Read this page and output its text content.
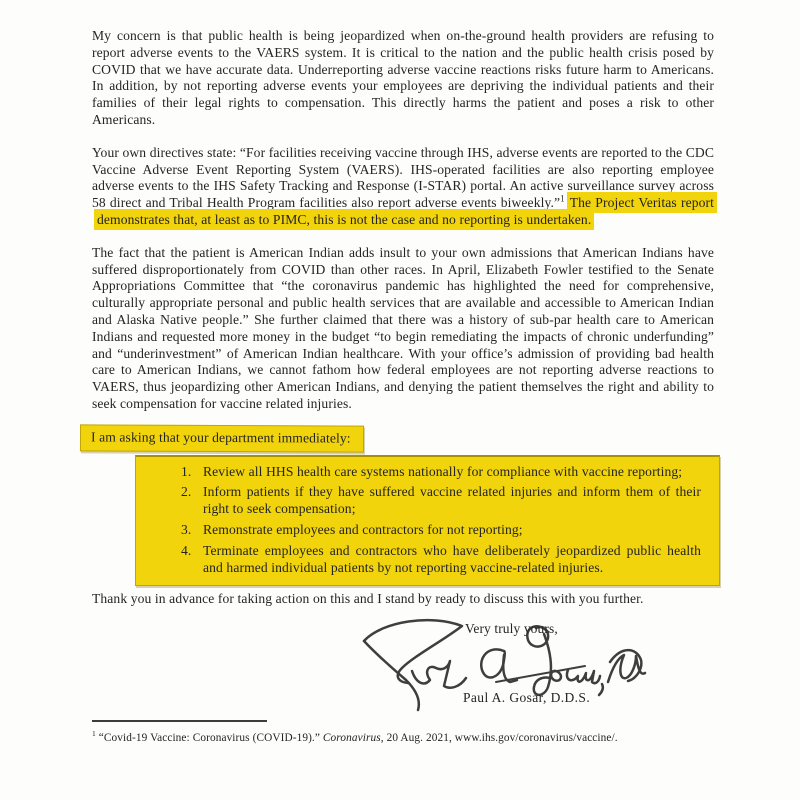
My concern is that public health is being jeopardized when on-the-ground health providers are refusing to report adverse events to the VAERS system. It is critical to the nation and the public health crisis posed by COVID that we have accurate data. Underreporting adverse vaccine reactions risks future harm to Americans. In addition, by not reporting adverse events your employees are depriving the individual patients and their families of their legal rights to compensation. This directly harms the patient and poses a risk to other Americans.

Your own directives state: “For facilities receiving vaccine through IHS, adverse events are reported to the CDC Vaccine Adverse Event Reporting System (VAERS). IHS-operated facilities are also reporting employee adverse events to the IHS Safety Tracking and Response (I-STAR) portal. An active surveillance survey across 58 direct and Tribal Health Program facilities also report adverse events biweekly.”$^1$ The Project Veritas report demonstrates that, at least as to PIMC, this is not the case and no reporting is undertaken.

The fact that the patient is American Indian adds insult to your own admissions that American Indians have suffered disproportionately from COVID than other races. In April, Elizabeth Fowler testified to the Senate Appropriations Committee that “the coronavirus pandemic has highlighted the need for comprehensive, culturally appropriate personal and public health services that are available and accessible to American Indian and Alaska Native people.” She further claimed that there was a history of sub-par health care to American Indians and requested more money in the budget “to begin remediating the impacts of chronic underfunding” and “underinvestment” of American Indian healthcare. With your office’s admission of providing bad health care to American Indians, we cannot fathom how federal employees are not reporting adverse reactions to VAERS, thus jeopardizing other American Indians, and denying the patient themselves the right and ability to seek compensation for vaccine related injuries.

I am asking that your department immediately:
1. Review all HHS health care systems nationally for compliance with vaccine reporting;
2. Inform patients if they have suffered vaccine related injuries and inform them of their right to seek compensation;
3. Remonstrate employees and contractors for not reporting;
4. Terminate employees and contractors who have deliberately jeopardized public health and harmed individual patients by not reporting vaccine-related injuries.

Thank you in advance for taking action on this and I stand by ready to discuss this with you further.

Very truly yours,
Paul A. Gosar, D.D.S.
$^1$ “Covid-19 Vaccine: Coronavirus (COVID-19).” Coronavirus, 20 Aug. 2021, www.ihs.gov/coronavirus/vaccine/.
